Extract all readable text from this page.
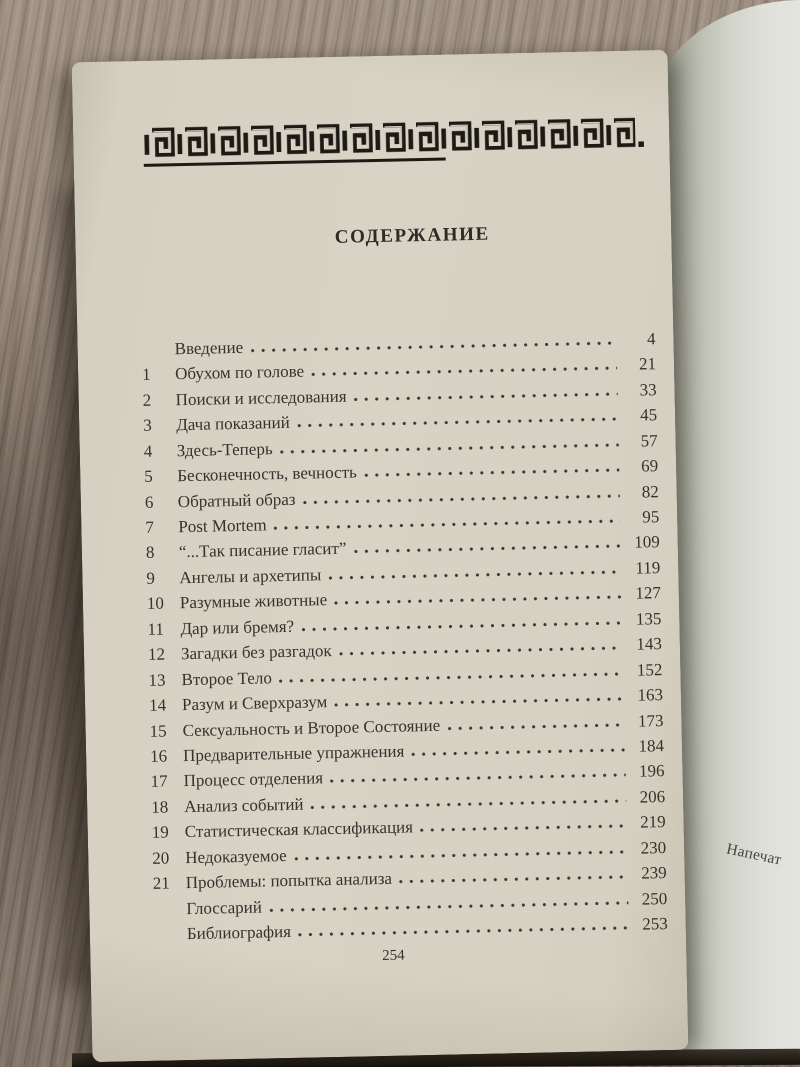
Напечат
СОДЕРЖАНИЕ
Введение	4
1	Обухом по голове	21
2	Поиски и исследования	33
3	Дача показаний	45
4	Здесь-Теперь	57
5	Бесконечность, вечность	69
6	Обратный образ	82
7	Post Mortem	95
8	“...Так писание гласит”	109
9	Ангелы и архетипы	119
10 Разумные животные	127
11 Дар или бремя?	135
12 Загадки без разгадок	143
13 Второе Тело	152
14 Разум и Сверхразум	163
15 Сексуальность и Второе Состояние	173
16 Предварительные упражнения	184
17 Процесс отделения	196
18 Анализ событий	206
19 Статистическая классификация	219
20 Недоказуемое	230
21 Проблемы: попытка анализа	239
Глоссарий	250
Библиография	253
254
